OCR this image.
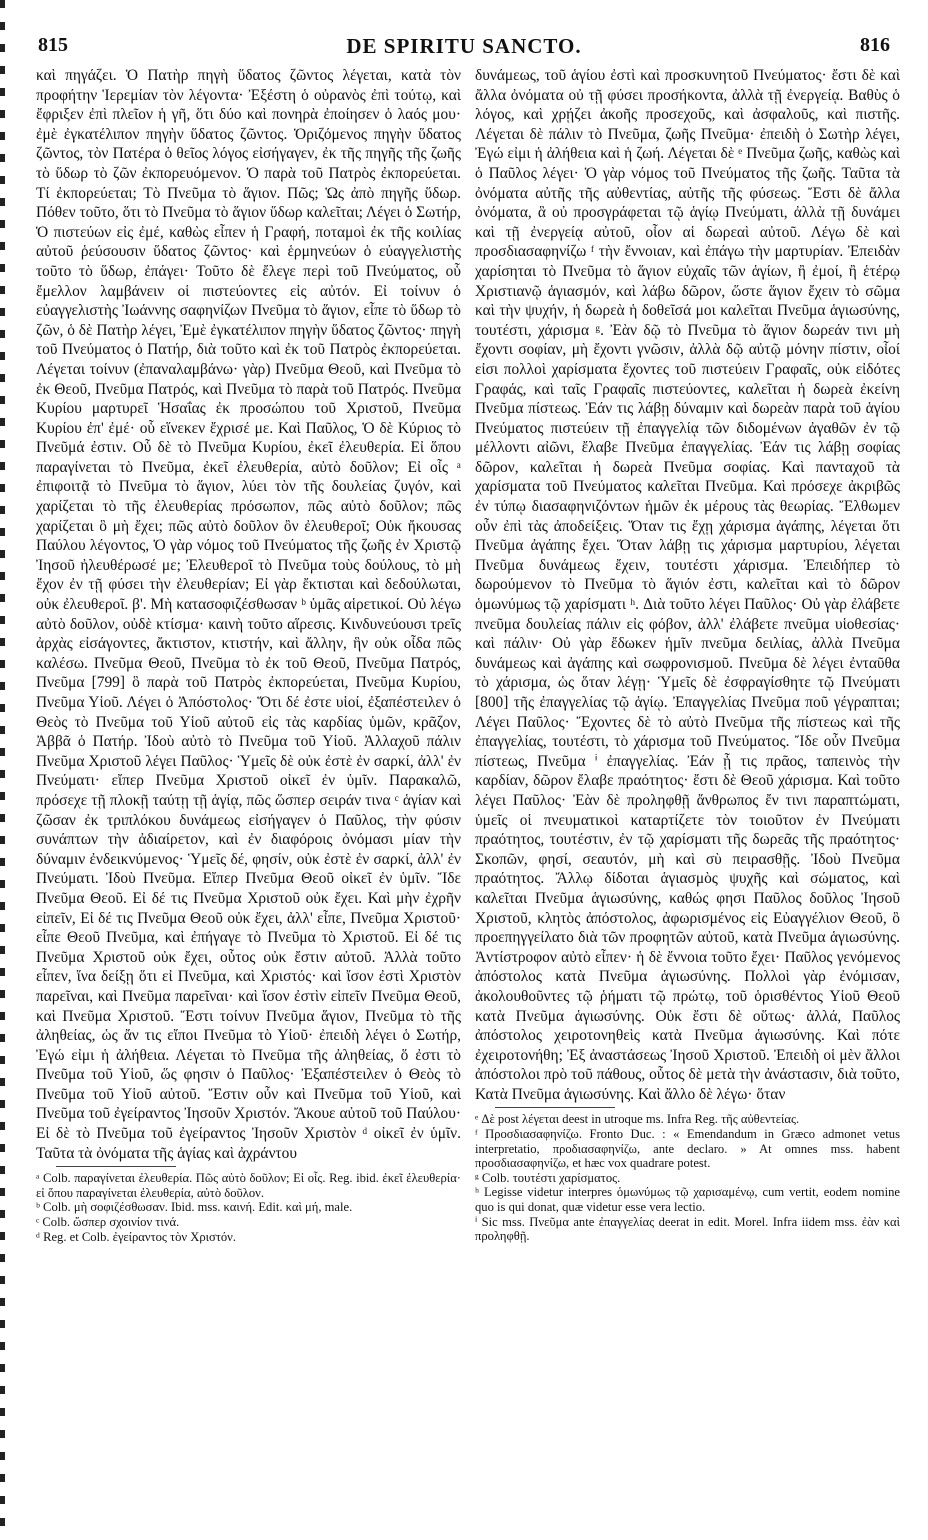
815	DE SPIRITU SANCTO.	816

καὶ πηγάζει. Ὁ Πατὴρ πηγὴ ὕδατος ζῶντος λέγεται, κατὰ τὸν προφήτην Ἱερεμίαν τὸν λέγοντα· Ἐξέστη ὁ οὐρανὸς ἐπὶ τούτῳ, καὶ ἔφριξεν ἐπὶ πλεῖον ἡ γῆ, ὅτι δύο καὶ πονηρὰ ἐποίησεν ὁ λαός μου· ἐμὲ ἐγκατέλιπον πηγὴν ὕδατος ζῶντος. Ὁριζόμενος πηγὴν ὕδατος ζῶντος, τὸν Πατέρα ὁ θεῖος λόγος εἰσήγαγεν, ἐκ τῆς πηγῆς τῆς ζωῆς τὸ ὕδωρ τὸ ζῶν ἐκπορευόμενον. Ὁ παρὰ τοῦ Πατρὸς ἐκπορεύεται. Τί ἐκπορεύεται; Τὸ Πνεῦμα τὸ ἅγιον. Πῶς; Ὡς ἀπὸ πηγῆς ὕδωρ. Πόθεν τοῦτο, ὅτι τὸ Πνεῦμα τὸ ἅγιον ὕδωρ καλεῖται; Λέγει ὁ Σωτήρ, Ὁ πιστεύων εἰς ἐμέ, καθὼς εἶπεν ἡ Γραφή, ποταμοὶ ἐκ τῆς κοιλίας αὐτοῦ ῥεύσουσιν ὕδατος ζῶντος· καὶ ἑρμηνεύων ὁ εὐαγγελιστὴς τοῦτο τὸ ὕδωρ, ἐπάγει· Τοῦτο δὲ ἔλεγε περὶ τοῦ Πνεύματος, οὗ ἔμελλον λαμβάνειν οἱ πιστεύοντες εἰς αὐτόν. Εἰ τοίνυν ὁ εὐαγγελιστὴς Ἰωάννης σαφηνίζων Πνεῦμα τὸ ἅγιον, εἶπε τὸ ὕδωρ τὸ ζῶν, ὁ δὲ Πατὴρ λέγει, Ἐμὲ ἐγκατέλιπον πηγὴν ὕδατος ζῶντος· πηγὴ τοῦ Πνεύματος ὁ Πατήρ, διὰ τοῦτο καὶ ἐκ τοῦ Πατρὸς ἐκπορεύεται. Λέγεται τοίνυν (ἐπαναλαμβάνω· γὰρ) Πνεῦμα Θεοῦ, καὶ Πνεῦμα τὸ ἐκ Θεοῦ, Πνεῦμα Πατρός, καὶ Πνεῦμα τὸ παρὰ τοῦ Πατρός. Πνεῦμα Κυρίου μαρτυρεῖ Ἡσαΐας ἐκ προσώπου τοῦ Χριστοῦ, Πνεῦμα Κυρίου ἐπ' ἐμέ· οὗ εἵνεκεν ἔχρισέ με. Καὶ Παῦλος, Ὁ δὲ Κύριος τὸ Πνεῦμά ἐστιν. Οὗ δὲ τὸ Πνεῦμα Κυρίου, ἐκεῖ ἐλευθερία. Εἰ ὅπου παραγίνεται τὸ Πνεῦμα, ἐκεῖ ἐλευθερία, αὐτὸ δοῦλον; Εἰ οἷς ᵃ ἐπιφοιτᾷ τὸ Πνεῦμα τὸ ἅγιον, λύει τὸν τῆς δουλείας ζυγόν, καὶ χαρίζεται τὸ τῆς ἐλευθερίας πρόσωπον, πῶς αὐτὸ δοῦλον; πῶς χαρίζεται ὃ μὴ ἔχει; πῶς αὐτὸ δοῦλον ὂν ἐλευθεροῖ; Οὐκ ἤκουσας Παύλου λέγοντος, Ὁ γὰρ νόμος τοῦ Πνεύματος τῆς ζωῆς ἐν Χριστῷ Ἰησοῦ ἠλευθέρωσέ με; Ἐλευθεροῖ τὸ Πνεῦμα τοὺς δούλους, τὸ μὴ ἔχον ἐν τῇ φύσει τὴν ἐλευθερίαν; Εἰ γὰρ ἔκτισται καὶ δεδούλωται, οὐκ ἐλευθεροῖ. β'. Μὴ κατασοφιζέσθωσαν ᵇ ὑμᾶς αἱρετικοί. Οὐ λέγω αὐτὸ δοῦλον, οὐδὲ κτίσμα· καινὴ τοῦτο αἵρεσις. Κινδυνεύουσι τρεῖς ἀρχὰς εἰσάγοντες, ἄκτιστον, κτιστήν, καὶ ἄλλην, ἣν οὐκ οἶδα πῶς καλέσω. Πνεῦμα Θεοῦ, Πνεῦμα τὸ ἐκ τοῦ Θεοῦ, Πνεῦμα Πατρός, Πνεῦμα [799] ὃ παρὰ τοῦ Πατρὸς ἐκπορεύεται, Πνεῦμα Κυρίου, Πνεῦμα Υἱοῦ. Λέγει ὁ Ἀπόστολος· Ὅτι δέ ἐστε υἱοί, ἐξαπέστειλεν ὁ Θεὸς τὸ Πνεῦμα τοῦ Υἱοῦ αὐτοῦ εἰς τὰς καρδίας ὑμῶν, κρᾶζον, Ἀββᾶ ὁ Πατήρ. Ἰδοὺ αὐτὸ τὸ Πνεῦμα τοῦ Υἱοῦ. Ἀλλαχοῦ πάλιν Πνεῦμα Χριστοῦ λέγει Παῦλος· Ὑμεῖς δὲ οὐκ ἐστὲ ἐν σαρκί, ἀλλ' ἐν Πνεύματι· εἴπερ Πνεῦμα Χριστοῦ οἰκεῖ ἐν ὑμῖν. Παρακαλῶ, πρόσεχε τῇ πλοκῇ ταύτῃ τῇ ἁγίᾳ, πῶς ὥσπερ σειράν τινα ᶜ ἁγίαν καὶ ζῶσαν ἐκ τριπλόκου δυνάμεως εἰσήγαγεν ὁ Παῦλος, τὴν φύσιν συνάπτων τὴν ἀδιαίρετον, καὶ ἐν διαφόροις ὀνόμασι μίαν τὴν δύναμιν ἐνδεικνύμενος· Ὑμεῖς δέ, φησίν, οὐκ ἐστὲ ἐν σαρκί, ἀλλ' ἐν Πνεύματι. Ἰδοὺ Πνεῦμα. Εἴπερ Πνεῦμα Θεοῦ οἰκεῖ ἐν ὑμῖν. Ἴδε Πνεῦμα Θεοῦ. Εἰ δέ τις Πνεῦμα Χριστοῦ οὐκ ἔχει. Καὶ μὴν ἐχρῆν εἰπεῖν, Εἰ δέ τις Πνεῦμα Θεοῦ οὐκ ἔχει, ἀλλ' εἶπε, Πνεῦμα Χριστοῦ· εἶπε Θεοῦ Πνεῦμα, καὶ ἐπήγαγε τὸ Πνεῦμα τὸ Χριστοῦ. Εἰ δέ τις Πνεῦμα Χριστοῦ οὐκ ἔχει, οὗτος οὐκ ἔστιν αὐτοῦ. Ἀλλὰ τοῦτο εἶπεν, ἵνα δείξῃ ὅτι εἰ Πνεῦμα, καὶ Χριστός· καὶ ἴσον ἐστὶ Χριστὸν παρεῖναι, καὶ Πνεῦμα παρεῖναι· καὶ ἴσον ἐστὶν εἰπεῖν Πνεῦμα Θεοῦ, καὶ Πνεῦμα Χριστοῦ. Ἔστι τοίνυν Πνεῦμα ἅγιον, Πνεῦμα τὸ τῆς ἀληθείας, ὡς ἄν τις εἴποι Πνεῦμα τὸ Υἱοῦ· ἐπειδὴ λέγει ὁ Σωτήρ, Ἐγώ εἰμι ἡ ἀλήθεια. Λέγεται τὸ Πνεῦμα τῆς ἀληθείας, ὅ ἐστι τὸ Πνεῦμα τοῦ Υἱοῦ, ὥς φησιν ὁ Παῦλος· Ἐξαπέστειλεν ὁ Θεὸς τὸ Πνεῦμα τοῦ Υἱοῦ αὐτοῦ. Ἔστιν οὖν καὶ Πνεῦμα τοῦ Υἱοῦ, καὶ Πνεῦμα τοῦ ἐγείραντος Ἰησοῦν Χριστόν. Ἄκουε αὐτοῦ τοῦ Παύλου· Εἰ δὲ τὸ Πνεῦμα τοῦ ἐγείραντος Ἰησοῦν Χριστὸν ᵈ οἰκεῖ ἐν ὑμῖν. Ταῦτα τὰ ὀνόματα τῆς ἁγίας καὶ ἀχράντου

ᵃ Colb. παραγίνεται ἐλευθερία. Πῶς αὐτὸ δοῦλον; Εἰ οἷς. Reg. ibid. ἐκεῖ ἐλευθερία· εἰ ὅπου παραγίνεται ἐλευθερία, αὐτὸ δοῦλον.

ᵇ Colb. μὴ σοφιζέσθωσαν. Ibid. mss. καινή. Edit. καὶ μή, male.

ᶜ Colb. ὥσπερ σχοινίον τινά.

ᵈ Reg. et Colb. ἐγείραντος τὸν Χριστόν.

δυνάμεως, τοῦ ἁγίου ἐστὶ καὶ προσκυνητοῦ Πνεύματος· ἔστι δὲ καὶ ἄλλα ὀνόματα οὐ τῇ φύσει προσήκοντα, ἀλλὰ τῇ ἐνεργείᾳ. Βαθὺς ὁ λόγος, καὶ χρῄζει ἀκοῆς προσεχοῦς, καὶ ἀσφαλοῦς, καὶ πιστῆς. Λέγεται δὲ πάλιν τὸ Πνεῦμα, ζωῆς Πνεῦμα· ἐπειδὴ ὁ Σωτὴρ λέγει, Ἐγώ εἰμι ἡ ἀλήθεια καὶ ἡ ζωή. Λέγεται δὲ ᵉ Πνεῦμα ζωῆς, καθὼς καὶ ὁ Παῦλος λέγει· Ὁ γὰρ νόμος τοῦ Πνεύματος τῆς ζωῆς. Ταῦτα τὰ ὀνόματα αὐτῆς τῆς αὐθεντίας, αὐτῆς τῆς φύσεως. Ἔστι δὲ ἄλλα ὀνόματα, ἃ οὐ προσγράφεται τῷ ἁγίῳ Πνεύματι, ἀλλὰ τῇ δυνάμει καὶ τῇ ἐνεργείᾳ αὐτοῦ, οἷον αἱ δωρεαὶ αὐτοῦ. Λέγω δὲ καὶ προσδιασαφηνίζω ᶠ τὴν ἔννοιαν, καὶ ἐπάγω τὴν μαρτυρίαν. Ἐπειδὰν χαρίσηται τὸ Πνεῦμα τὸ ἅγιον εὐχαῖς τῶν ἁγίων, ἢ ἐμοί, ἢ ἑτέρῳ Χριστιανῷ ἁγιασμόν, καὶ λάβω δῶρον, ὥστε ἅγιον ἔχειν τὸ σῶμα καὶ τὴν ψυχήν, ἡ δωρεὰ ἡ δοθεῖσά μοι καλεῖται Πνεῦμα ἁγιωσύνης, τουτέστι, χάρισμα ᵍ. Ἐὰν δῷ τὸ Πνεῦμα τὸ ἅγιον δωρεάν τινι μὴ ἔχοντι σοφίαν, μὴ ἔχοντι γνῶσιν, ἀλλὰ δῷ αὐτῷ μόνην πίστιν, οἷοί εἰσι πολλοὶ χαρίσματα ἔχοντες τοῦ πιστεύειν Γραφαῖς, οὐκ εἰδότες Γραφάς, καὶ ταῖς Γραφαῖς πιστεύοντες, καλεῖται ἡ δωρεὰ ἐκείνη Πνεῦμα πίστεως. Ἐάν τις λάβῃ δύναμιν καὶ δωρεὰν παρὰ τοῦ ἁγίου Πνεύματος πιστεύειν τῇ ἐπαγγελίᾳ τῶν διδομένων ἀγαθῶν ἐν τῷ μέλλοντι αἰῶνι, ἔλαβε Πνεῦμα ἐπαγγελίας. Ἐάν τις λάβῃ σοφίας δῶρον, καλεῖται ἡ δωρεὰ Πνεῦμα σοφίας. Καὶ πανταχοῦ τὰ χαρίσματα τοῦ Πνεύματος καλεῖται Πνεῦμα. Καὶ πρόσεχε ἀκριβῶς ἐν τύπῳ διασαφηνιζόντων ἡμῶν ἐκ μέρους τὰς θεωρίας. Ἔλθωμεν οὖν ἐπὶ τὰς ἀποδείξεις. Ὅταν τις ἔχῃ χάρισμα ἀγάπης, λέγεται ὅτι Πνεῦμα ἀγάπης ἔχει. Ὅταν λάβῃ τις χάρισμα μαρτυρίου, λέγεται Πνεῦμα δυνάμεως ἔχειν, τουτέστι χάρισμα. Ἐπειδήπερ τὸ δωρούμενον τὸ Πνεῦμα τὸ ἅγιόν ἐστι, καλεῖται καὶ τὸ δῶρον ὁμωνύμως τῷ χαρίσματι ʰ. Διὰ τοῦτο λέγει Παῦλος· Οὐ γὰρ ἐλάβετε πνεῦμα δουλείας πάλιν εἰς φόβον, ἀλλ' ἐλάβετε πνεῦμα υἱοθεσίας· καὶ πάλιν· Οὐ γὰρ ἔδωκεν ἡμῖν πνεῦμα δειλίας, ἀλλὰ Πνεῦμα δυνάμεως καὶ ἀγάπης καὶ σωφρονισμοῦ. Πνεῦμα δὲ λέγει ἐνταῦθα τὸ χάρισμα, ὡς ὅταν λέγῃ· Ὑμεῖς δὲ ἐσφραγίσθητε τῷ Πνεύματι [800] τῆς ἐπαγγελίας τῷ ἁγίῳ. Ἐπαγγελίας Πνεῦμα ποῦ γέγραπται; Λέγει Παῦλος· Ἔχοντες δὲ τὸ αὐτὸ Πνεῦμα τῆς πίστεως καὶ τῆς ἐπαγγελίας, τουτέστι, τὸ χάρισμα τοῦ Πνεύματος. Ἴδε οὖν Πνεῦμα πίστεως, Πνεῦμα ⁱ ἐπαγγελίας. Ἐάν ᾖ τις πρᾶος, ταπεινὸς τὴν καρδίαν, δῶρον ἔλαβε πραότητος· ἔστι δὲ Θεοῦ χάρισμα. Καὶ τοῦτο λέγει Παῦλος· Ἐὰν δὲ προληφθῇ ἄνθρωπος ἔν τινι παραπτώματι, ὑμεῖς οἱ πνευματικοὶ καταρτίζετε τὸν τοιοῦτον ἐν Πνεύματι πραότητος, τουτέστιν, ἐν τῷ χαρίσματι τῆς δωρεᾶς τῆς πραότητος· Σκοπῶν, φησί, σεαυτόν, μὴ καὶ σὺ πειρασθῇς. Ἰδοὺ Πνεῦμα πραότητος. Ἄλλῳ δίδοται ἁγιασμὸς ψυχῆς καὶ σώματος, καὶ καλεῖται Πνεῦμα ἁγιωσύνης, καθώς φησι Παῦλος δοῦλος Ἰησοῦ Χριστοῦ, κλητὸς ἀπόστολος, ἀφωρισμένος εἰς Εὐαγγέλιον Θεοῦ, ὃ προεπηγγείλατο διὰ τῶν προφητῶν αὐτοῦ, κατὰ Πνεῦμα ἁγιωσύνης. Ἀντίστροφον αὐτὸ εἶπεν· ἡ δὲ ἔννοια τοῦτο ἔχει· Παῦλος γενόμενος ἀπόστολος κατὰ Πνεῦμα ἁγιωσύνης. Πολλοὶ γὰρ ἐνόμισαν, ἀκολουθοῦντες τῷ ῥήματι τῷ πρώτῳ, τοῦ ὁρισθέντος Υἱοῦ Θεοῦ κατὰ Πνεῦμα ἁγιωσύνης. Οὐκ ἔστι δὲ οὕτως· ἀλλά, Παῦλος ἀπόστολος χειροτονηθεὶς κατὰ Πνεῦμα ἁγιωσύνης. Καὶ πότε ἐχειροτονήθη; Ἐξ ἀναστάσεως Ἰησοῦ Χριστοῦ. Ἐπειδὴ οἱ μὲν ἄλλοι ἀπόστολοι πρὸ τοῦ πάθους, οὗτος δὲ μετὰ τὴν ἀνάστασιν, διὰ τοῦτο, Κατὰ Πνεῦμα ἁγιωσύνης. Καὶ ἄλλο δὲ λέγω· ὅταν

ᵉ Δὲ post λέγεται deest in utroque ms. Infra Reg. τῆς αὐθεντείας.

ᶠ Προσδιασαφηνίζω. Fronto Duc. : « Emendandum in Græco admonet vetus interpretatio, προδιασαφηνίζω, ante declaro. » At omnes mss. habent προσδιασαφηνίζω, et hæc vox quadrare potest.

ᵍ Colb. τουτέστι χαρίσματος.

ʰ Legisse videtur interpres ὁμωνύμως τῷ χαρισαμένῳ, cum vertit, eodem nomine quo is qui donat, quæ videtur esse vera lectio.

ⁱ Sic mss. Πνεῦμα ante ἐπαγγελίας deerat in edit. Morel. Infra iidem mss. ἐὰν καὶ προληφθῇ.
